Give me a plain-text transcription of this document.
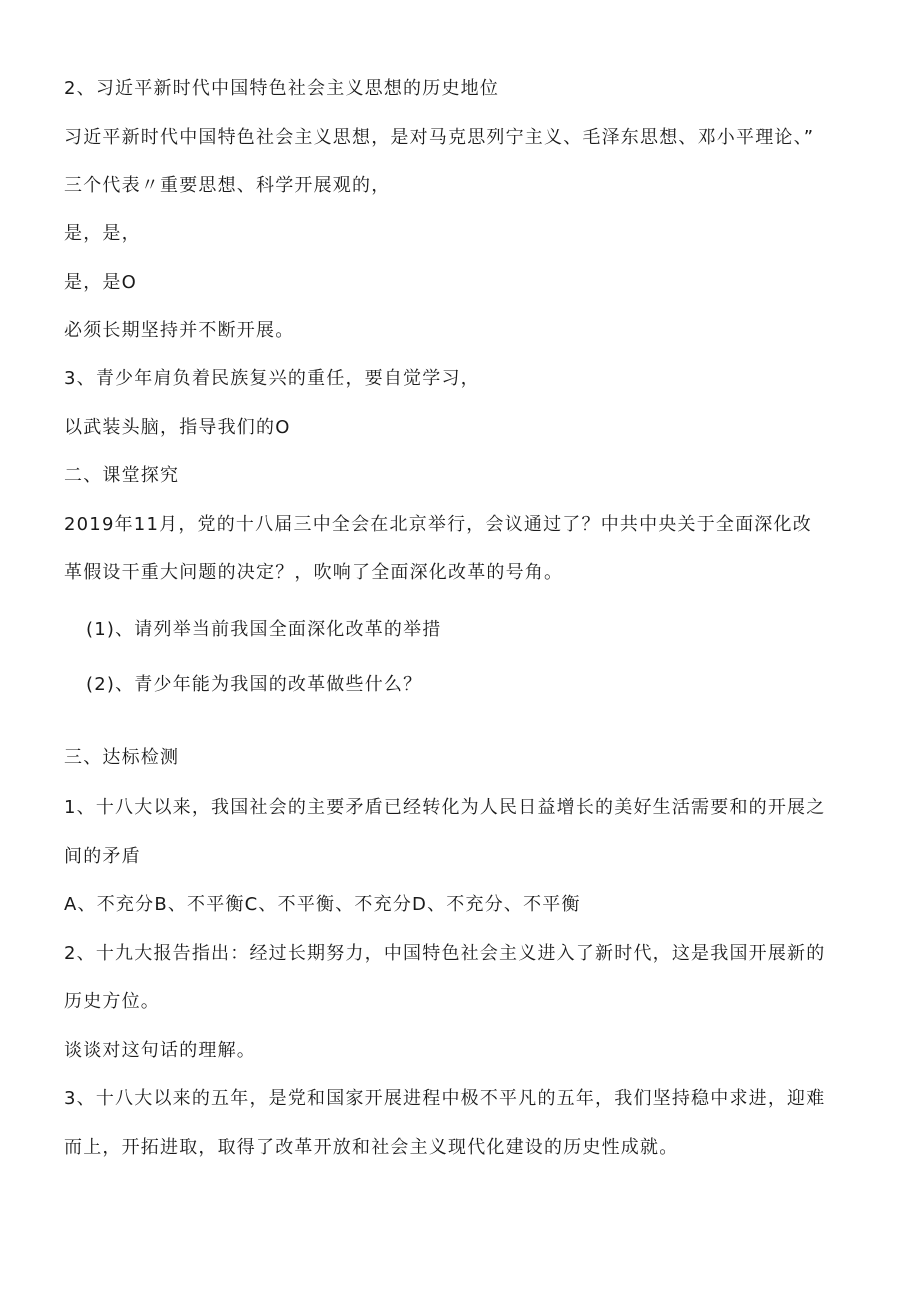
2、习近平新时代中国特色社会主义思想的历史地位
习近平新时代中国特色社会主义思想，是对马克思列宁主义、毛泽东思想、邓小平理论、”
三个代表〃重要思想、科学开展观的，
是，是，
是，是O
必须长期坚持并不断开展。
3、青少年肩负着民族复兴的重任，要自觉学习，
以武装头脑，指导我们的O
二、课堂探究
2019年11月，党的十八届三中全会在北京举行，会议通过了？中共中央关于全面深化改
革假设干重大问题的决定？，吹响了全面深化改革的号角。
(1)、请列举当前我国全面深化改革的举措
(2)、青少年能为我国的改革做些什么？
三、达标检测
1、十八大以来，我国社会的主要矛盾已经转化为人民日益增长的美好生活需要和的开展之
间的矛盾
A、不充分B、不平衡C、不平衡、不充分D、不充分、不平衡
2、十九大报告指出：经过长期努力，中国特色社会主义进入了新时代，这是我国开展新的
历史方位。
谈谈对这句话的理解。
3、十八大以来的五年，是党和国家开展进程中极不平凡的五年，我们坚持稳中求进，迎难
而上，开拓进取，取得了改革开放和社会主义现代化建设的历史性成就。
